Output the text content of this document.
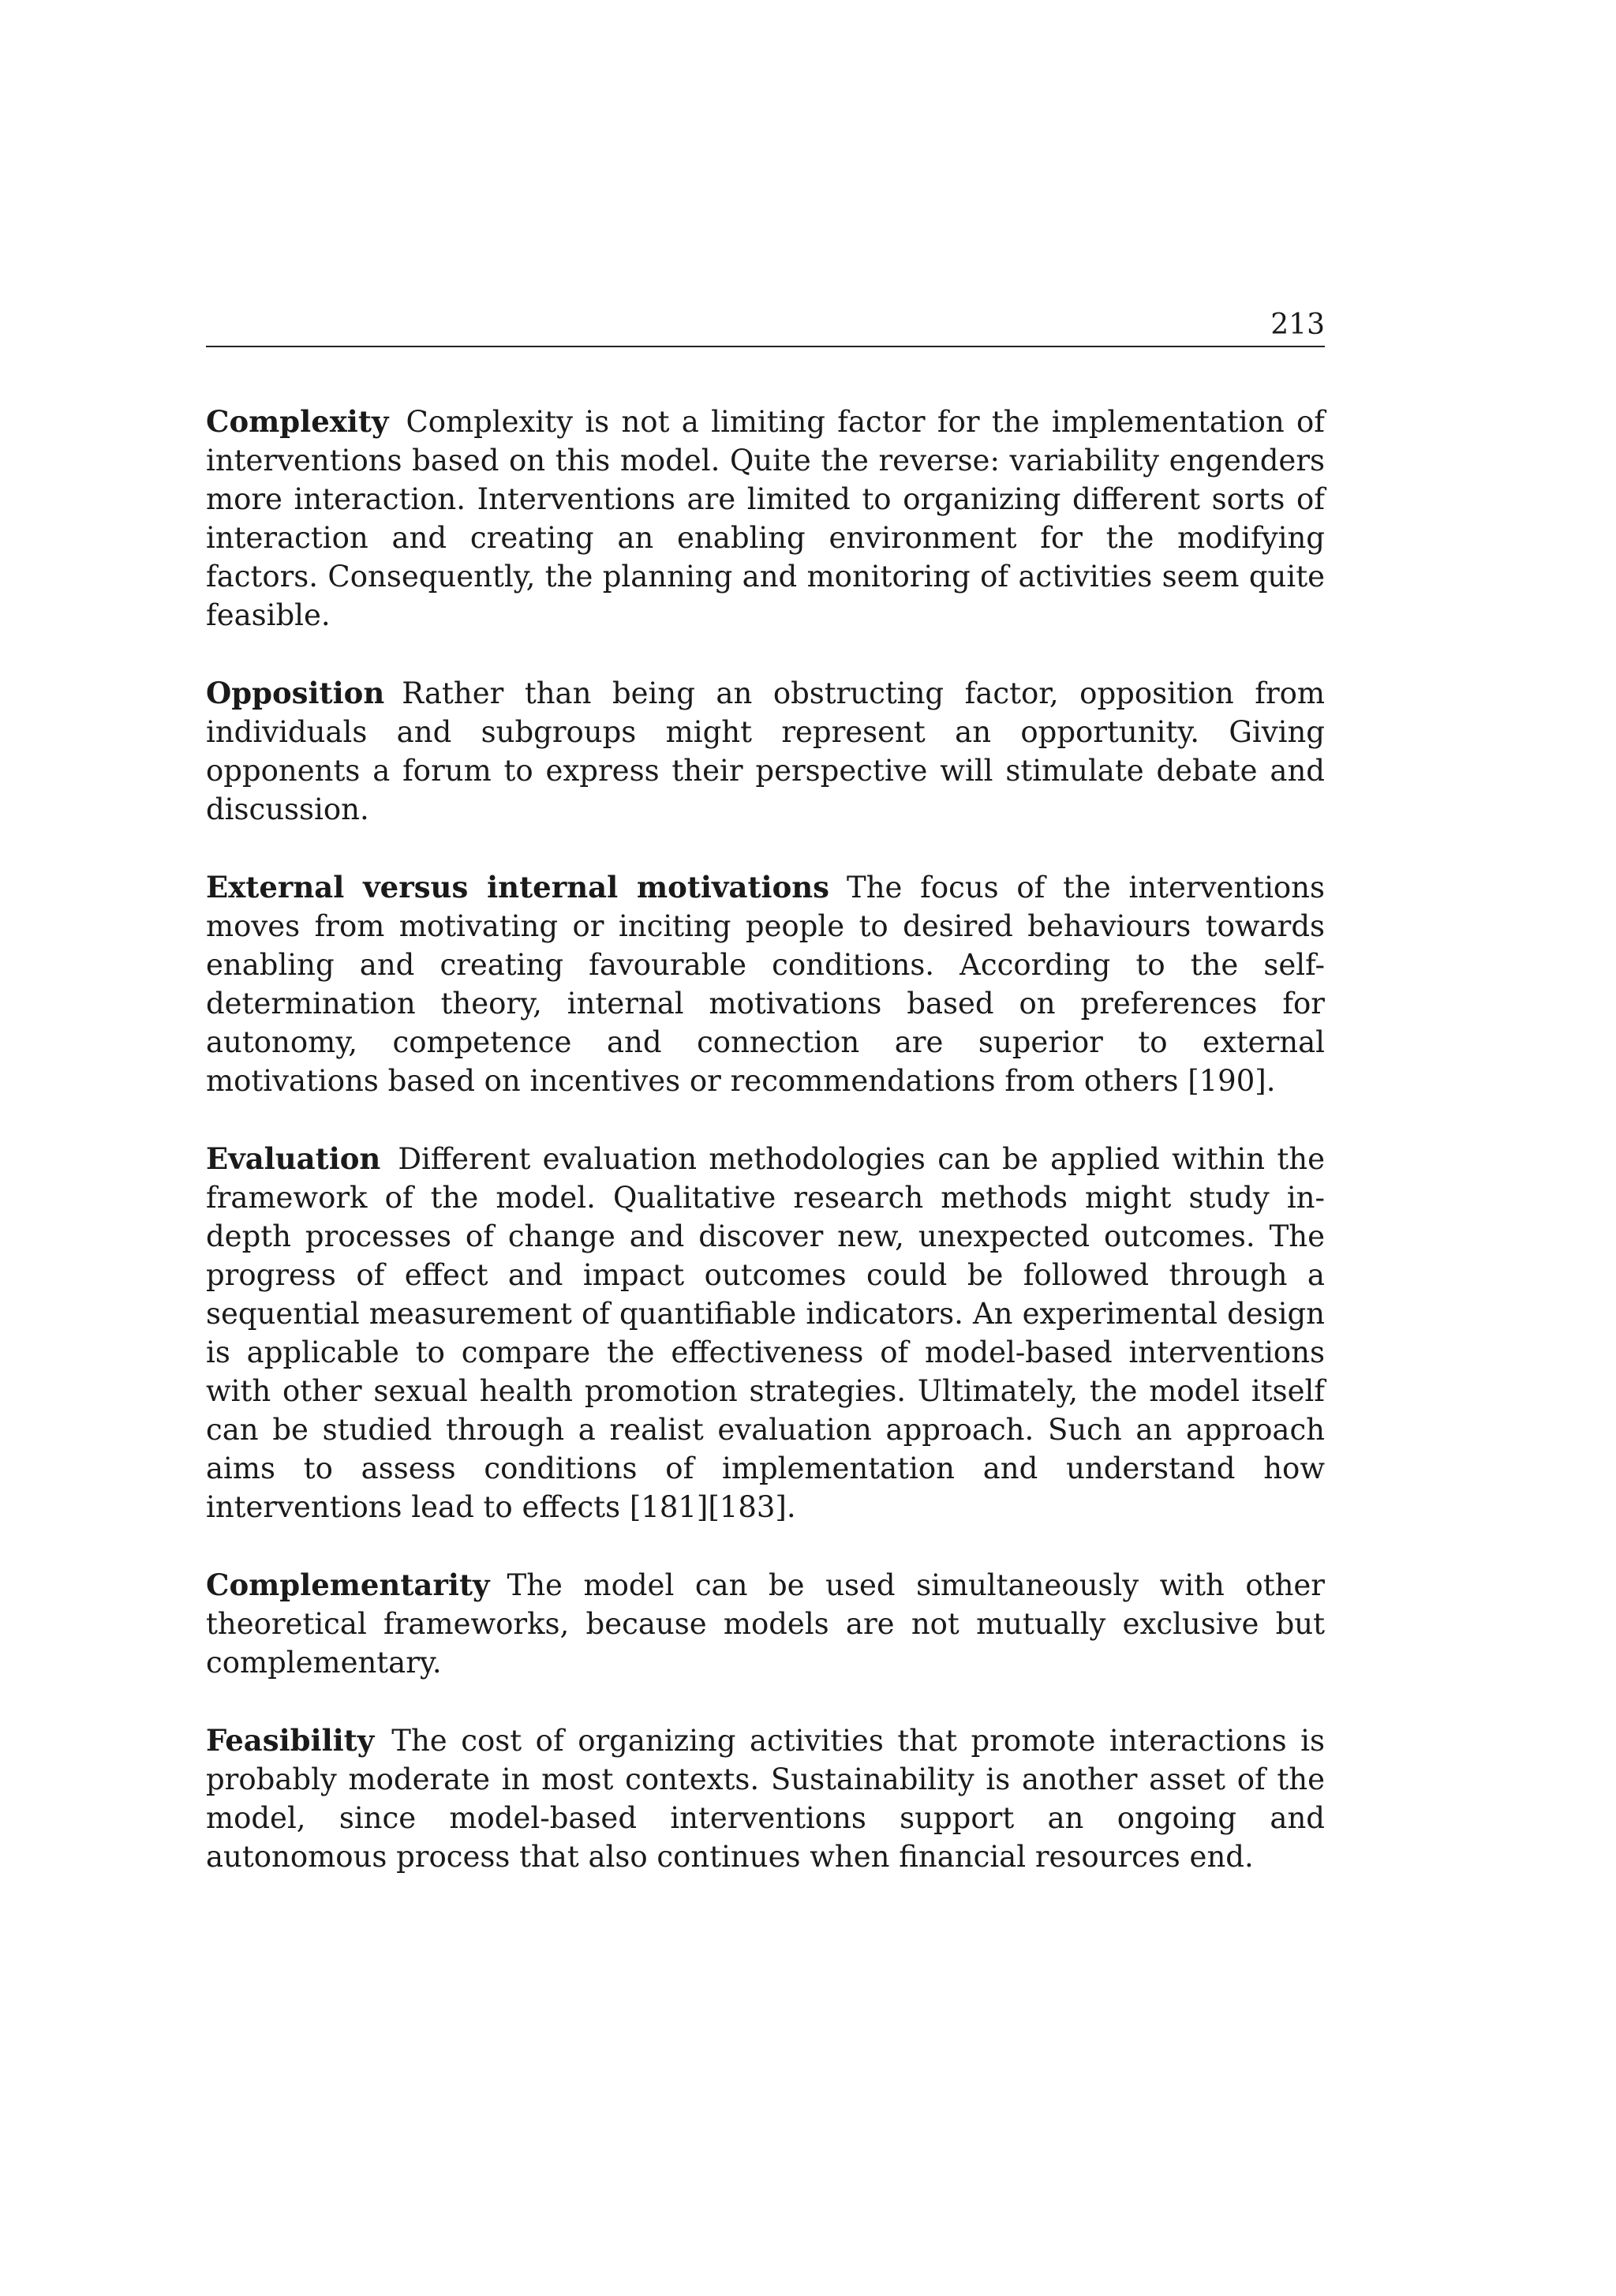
213

Complexity Complexity is not a limiting factor for the implementation of interventions based on this model. Quite the reverse: variability engenders more interaction. Interventions are limited to organizing different sorts of interaction and creating an enabling environment for the modifying factors. Consequently, the planning and monitoring of activities seem quite feasible.

Opposition Rather than being an obstructing factor, opposition from individuals and subgroups might represent an opportunity. Giving opponents a forum to express their perspective will stimulate debate and discussion.

External versus internal motivations The focus of the interventions moves from motivating or inciting people to desired behaviours towards enabling and creating favourable conditions. According to the self-determination theory, internal motivations based on preferences for autonomy, competence and connection are superior to external motivations based on incentives or recommendations from others [190].

Evaluation Different evaluation methodologies can be applied within the framework of the model. Qualitative research methods might study in-depth processes of change and discover new, unexpected outcomes. The progress of effect and impact outcomes could be followed through a sequential measurement of quantifiable indicators. An experimental design is applicable to compare the effectiveness of model-based interventions with other sexual health promotion strategies. Ultimately, the model itself can be studied through a realist evaluation approach. Such an approach aims to assess conditions of implementation and understand how interventions lead to effects [181][183].

Complementarity The model can be used simultaneously with other theoretical frameworks, because models are not mutually exclusive but complementary.

Feasibility The cost of organizing activities that promote interactions is probably moderate in most contexts. Sustainability is another asset of the model, since model-based interventions support an ongoing and autonomous process that also continues when financial resources end.
